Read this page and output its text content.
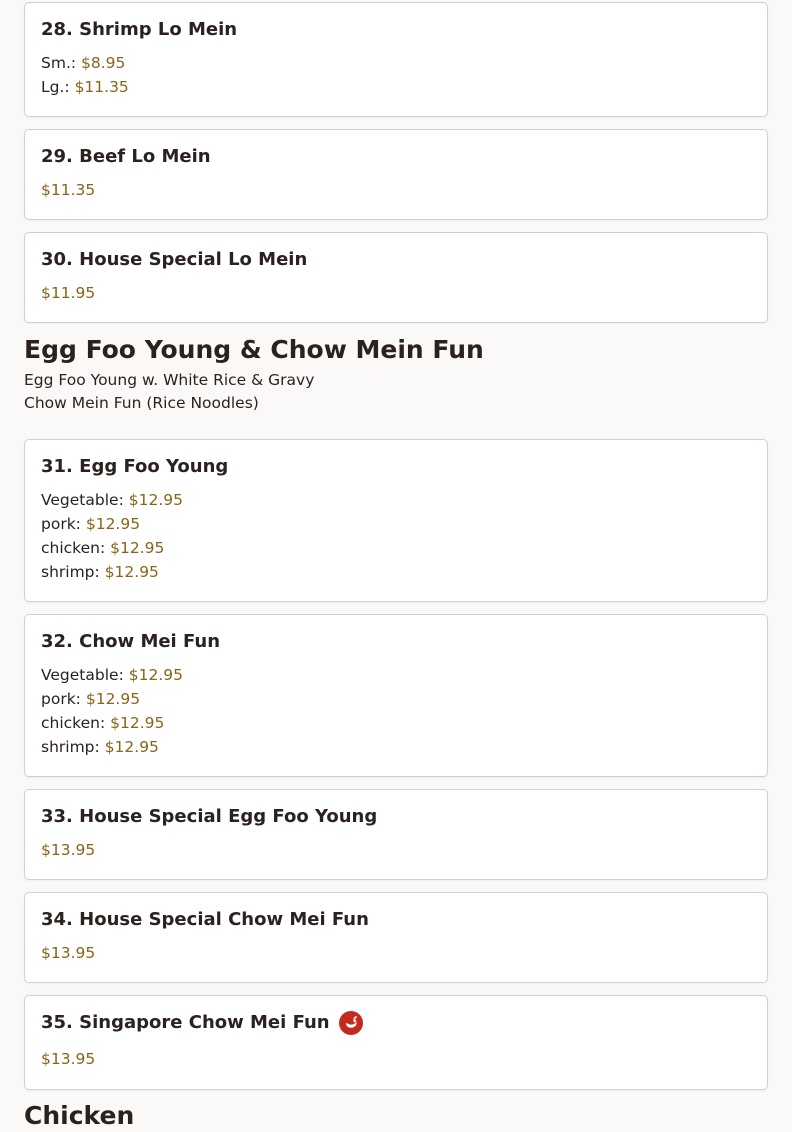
28. Shrimp Lo Mein
Sm.: $8.95
Lg.: $11.35
29. Beef Lo Mein
$11.35
30. House Special Lo Mein
$11.95
Egg Foo Young & Chow Mein Fun
Egg Foo Young w. White Rice & Gravy
Chow Mein Fun (Rice Noodles)
31. Egg Foo Young
Vegetable: $12.95
pork: $12.95
chicken: $12.95
shrimp: $12.95
32. Chow Mei Fun
Vegetable: $12.95
pork: $12.95
chicken: $12.95
shrimp: $12.95
33. House Special Egg Foo Young
$13.95
34. House Special Chow Mei Fun
$13.95
35. Singapore Chow Mei Fun
$13.95
Chicken
